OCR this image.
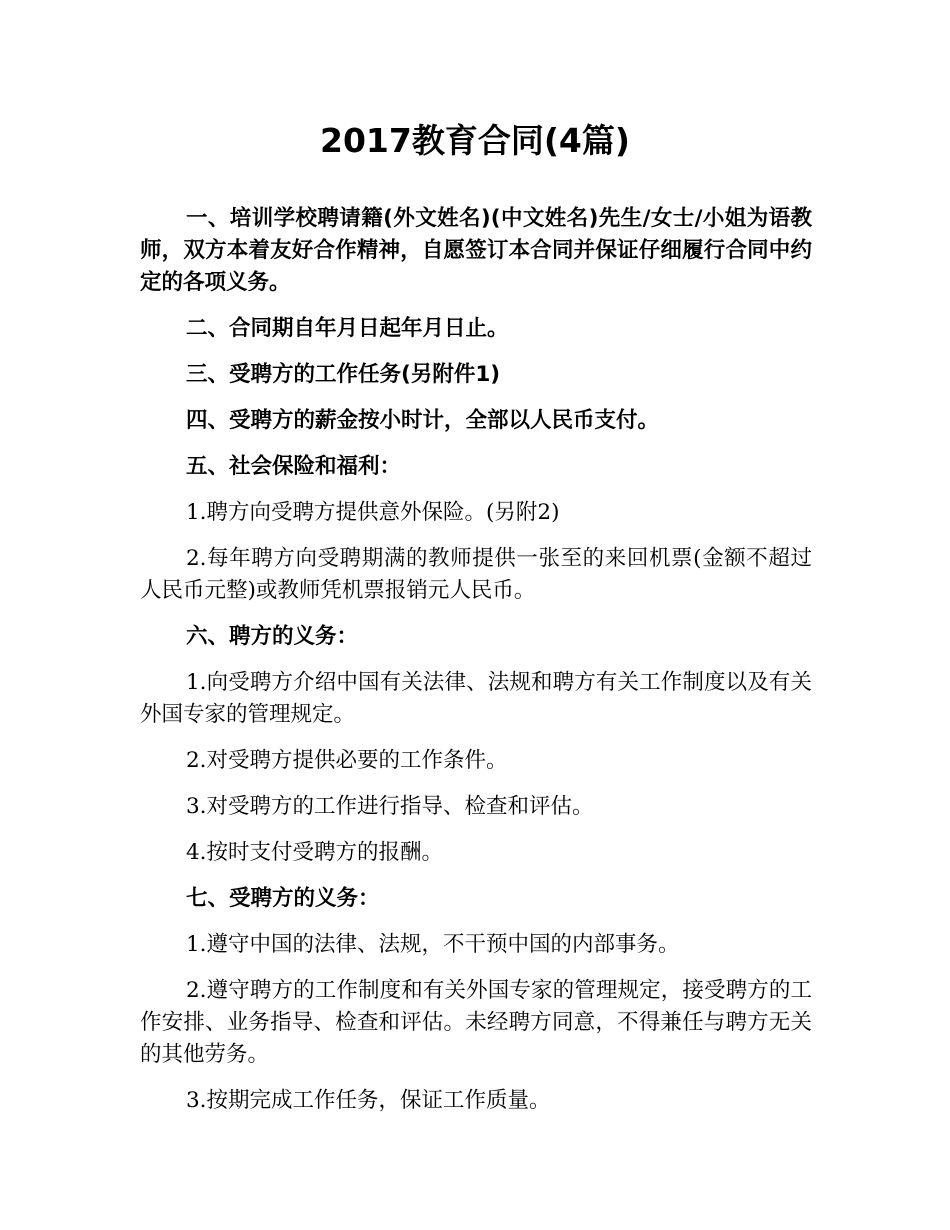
2017教育合同(4篇)

一、培训学校聘请籍(外文姓名)(中文姓名)先生/女士/小姐为语教师，双方本着友好合作精神，自愿签订本合同并保证仔细履行合同中约定的各项义务。

二、合同期自年月日起年月日止。

三、受聘方的工作任务(另附件1)

四、受聘方的薪金按小时计，全部以人民币支付。

五、社会保险和福利：

1.聘方向受聘方提供意外保险。(另附2)

2.每年聘方向受聘期满的教师提供一张至的来回机票(金额不超过人民币元整)或教师凭机票报销元人民币。

六、聘方的义务：

1.向受聘方介绍中国有关法律、法规和聘方有关工作制度以及有关外国专家的管理规定。

2.对受聘方提供必要的工作条件。

3.对受聘方的工作进行指导、检查和评估。

4.按时支付受聘方的报酬。

七、受聘方的义务：

1.遵守中国的法律、法规，不干预中国的内部事务。

2.遵守聘方的工作制度和有关外国专家的管理规定，接受聘方的工作安排、业务指导、检查和评估。未经聘方同意，不得兼任与聘方无关的其他劳务。

3.按期完成工作任务，保证工作质量。
